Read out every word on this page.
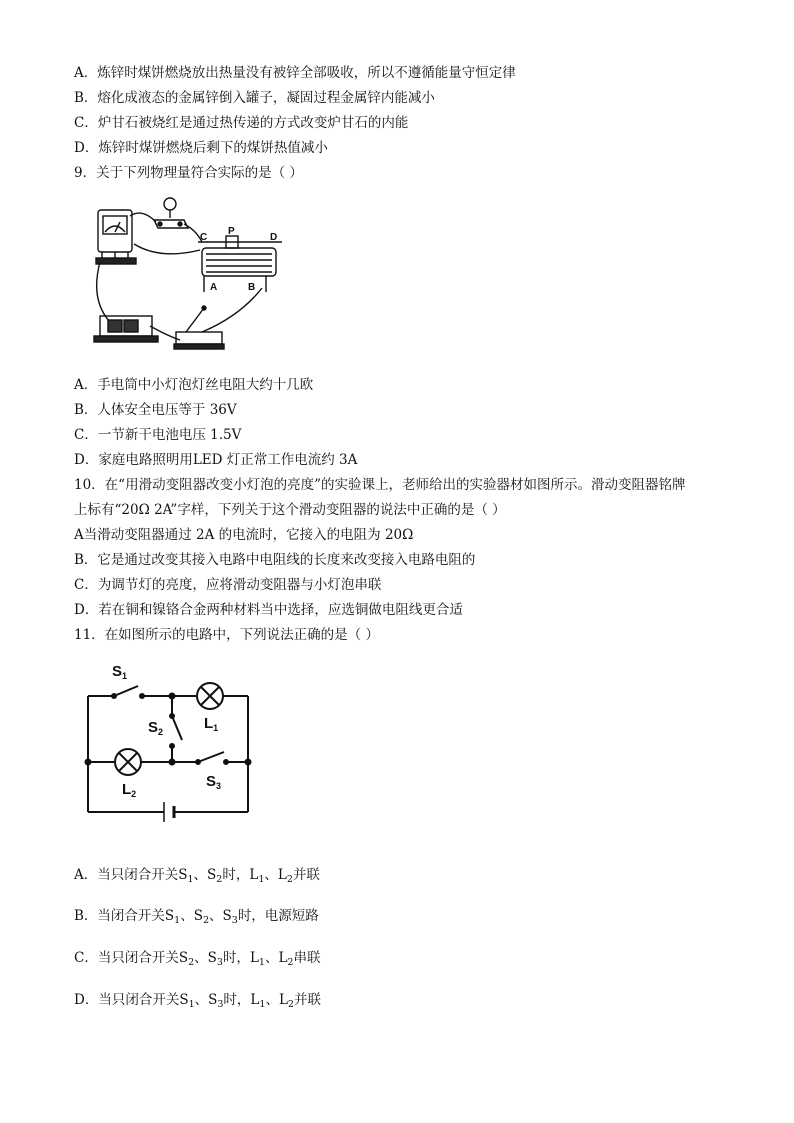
A．炼锌时煤饼燃烧放出热量没有被锌全部吸收，所以不遵循能量守恒定律
B．熔化成液态的金属锌倒入罐子，凝固过程金属锌内能减小
C．炉甘石被烧红是通过热传递的方式改变炉甘石的内能
D．炼锌时煤饼燃烧后剩下的煤饼热值减小
9．关于下列物理量符合实际的是（ ）
C
P
D
A	B
A．手电筒中小灯泡灯丝电阻大约十几欧
B．人体安全电压等于 36V
C．一节新干电池电压 1.5V
D．家庭电路照明用LED 灯正常工作电流约 3A
10．在“用滑动变阻器改变小灯泡的亮度”的实验课上，老师给出的实验器材如图所示。滑动变阻器铭牌
上标有“20Ω 2A”字样，下列关于这个滑动变阻器的说法中正确的是（ ）
A当滑动变阻器通过 2A 的电流时，它接入的电阻为 20Ω
B．它是通过改变其接入电路中电阻线的长度来改变接入电路电阻的
C．为调节灯的亮度，应将滑动变阻器与小灯泡串联
D．若在铜和镍铬合金两种材料当中选择，应选铜做电阻线更合适
11．在如图所示的电路中，下列说法正确的是（ ）
$S_1$
$S_2$	$L_1$
$L_2$
$S_3$
A．当只闭合开关$S_1$、$S_2$时，$L_1$、$L_2$并联
B．当闭合开关$S_1$、$S_2$、$S_3$时，电源短路
C．当只闭合开关$S_2$、$S_3$时，$L_1$、$L_2$串联
D．当只闭合开关$S_1$、$S_3$时，$L_1$、$L_2$并联
